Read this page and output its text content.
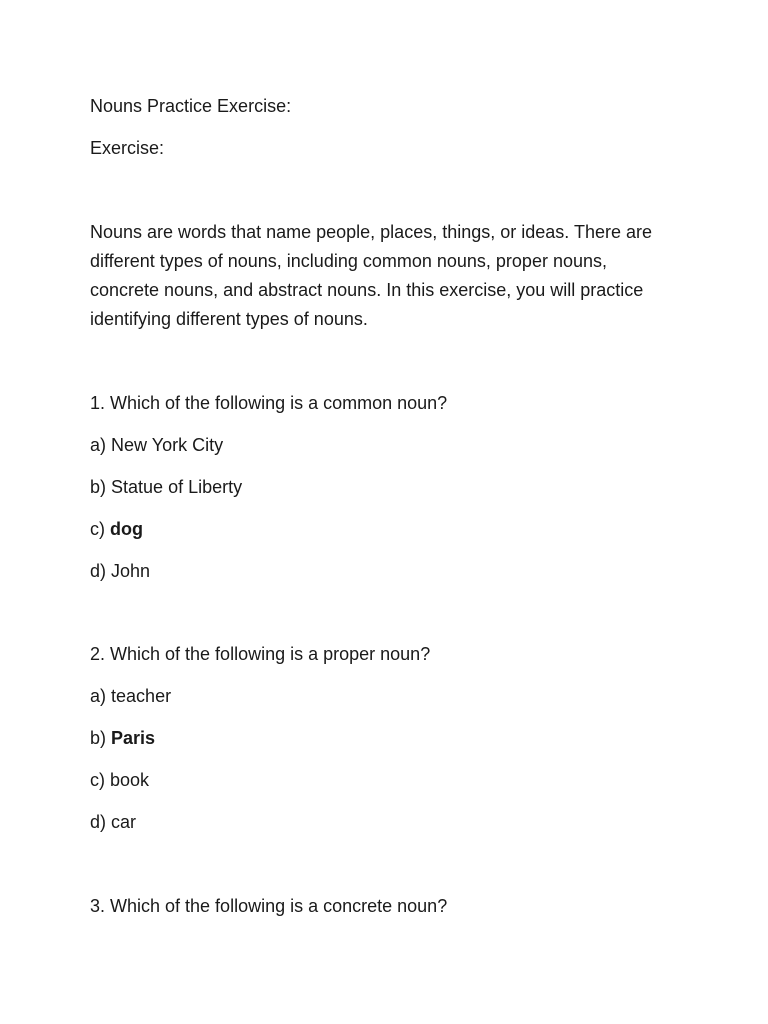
Nouns Practice Exercise:
Exercise:
Nouns are words that name people, places, things, or ideas. There are different types of nouns, including common nouns, proper nouns, concrete nouns, and abstract nouns. In this exercise, you will practice identifying different types of nouns.
1. Which of the following is a common noun?
a) New York City
b) Statue of Liberty
c) dog
d) John
2. Which of the following is a proper noun?
a) teacher
b) Paris
c) book
d) car
3. Which of the following is a concrete noun?
